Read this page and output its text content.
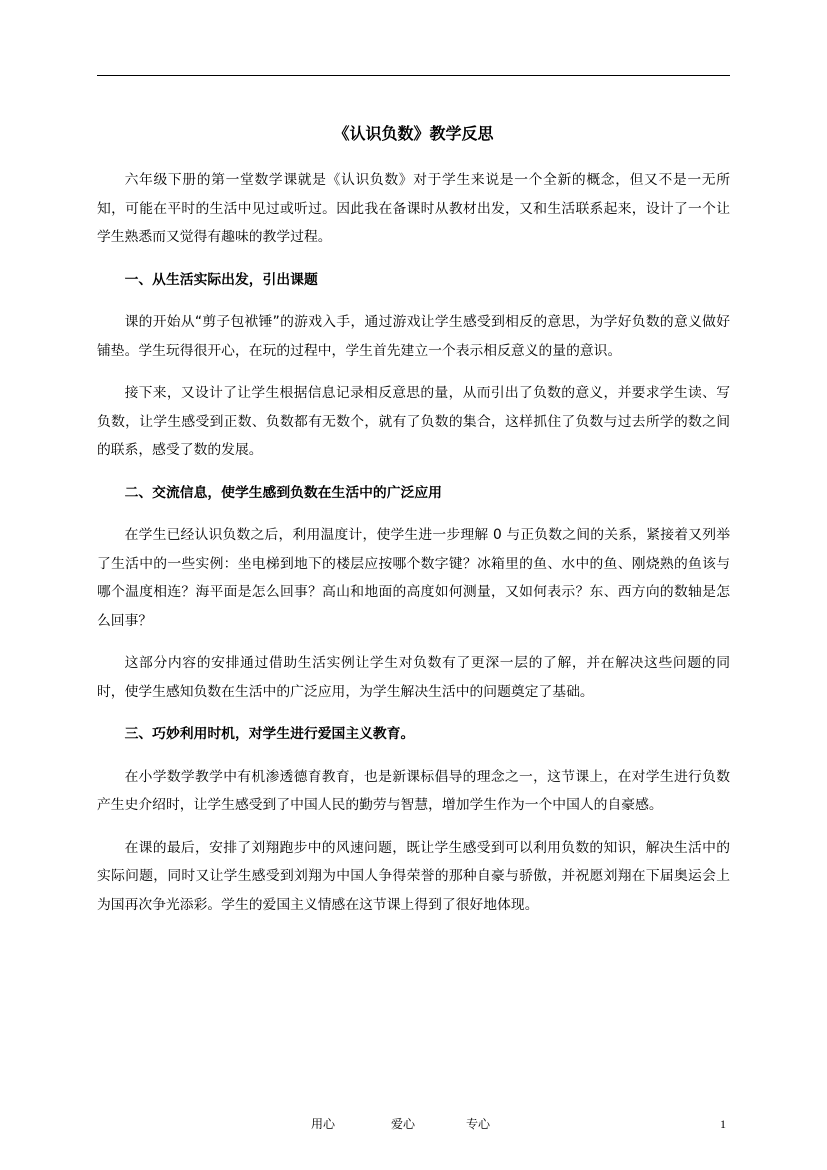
《认识负数》教学反思

六年级下册的第一堂数学课就是《认识负数》对于学生来说是一个全新的概念，但又不是一无所知，可能在平时的生活中见过或听过。因此我在备课时从教材出发，又和生活联系起来，设计了一个让学生熟悉而又觉得有趣味的教学过程。

一、从生活实际出发，引出课题

课的开始从“剪子包袱锤”的游戏入手，通过游戏让学生感受到相反的意思，为学好负数的意义做好铺垫。学生玩得很开心，在玩的过程中，学生首先建立一个表示相反意义的量的意识。

接下来，又设计了让学生根据信息记录相反意思的量，从而引出了负数的意义，并要求学生读、写负数，让学生感受到正数、负数都有无数个，就有了负数的集合，这样抓住了负数与过去所学的数之间的联系，感受了数的发展。

二、交流信息，使学生感到负数在生活中的广泛应用

在学生已经认识负数之后，利用温度计，使学生进一步理解 0 与正负数之间的关系，紧接着又列举了生活中的一些实例：坐电梯到地下的楼层应按哪个数字键？冰箱里的鱼、水中的鱼、刚烧熟的鱼该与哪个温度相连？海平面是怎么回事？高山和地面的高度如何测量，又如何表示？东、西方向的数轴是怎么回事？

这部分内容的安排通过借助生活实例让学生对负数有了更深一层的了解，并在解决这些问题的同时，使学生感知负数在生活中的广泛应用，为学生解决生活中的问题奠定了基础。

三、巧妙利用时机，对学生进行爱国主义教育。

在小学数学教学中有机渗透德育教育，也是新课标倡导的理念之一，这节课上，在对学生进行负数产生史介绍时，让学生感受到了中国人民的勤劳与智慧，增加学生作为一个中国人的自豪感。

在课的最后，安排了刘翔跑步中的风速问题，既让学生感受到可以利用负数的知识，解决生活中的实际问题，同时又让学生感受到刘翔为中国人争得荣誉的那种自豪与骄傲，并祝愿刘翔在下届奥运会上为国再次争光添彩。学生的爱国主义情感在这节课上得到了很好地体现。

用心	爱心	专心	1
